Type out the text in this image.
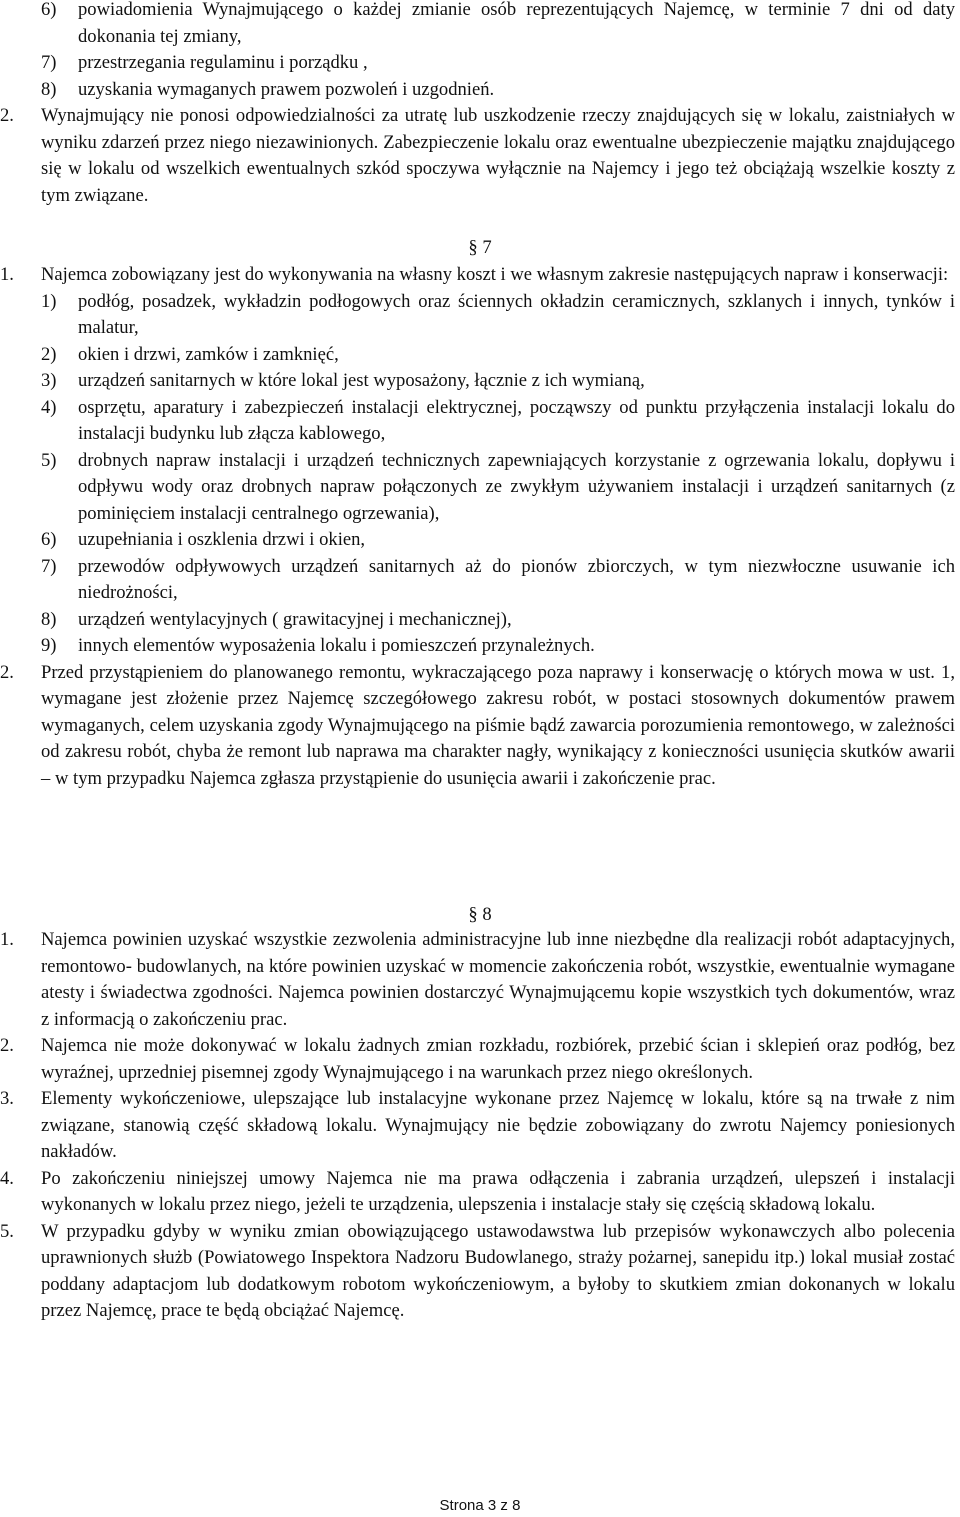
6) powiadomienia Wynajmującego o każdej zmianie osób reprezentujących Najemcę, w terminie 7 dni od daty dokonania tej zmiany,
7) przestrzegania regulaminu i porządku ,
8) uzyskania wymaganych prawem pozwoleń i uzgodnień.
2. Wynajmujący nie ponosi odpowiedzialności za utratę lub uszkodzenie rzeczy znajdujących się w lokalu, zaistniałych w wyniku zdarzeń przez niego niezawinionych. Zabezpieczenie lokalu oraz ewentualne ubezpieczenie majątku znajdującego się w lokalu od wszelkich ewentualnych szkód spoczywa wyłącznie na Najemcy i jego też obciążają wszelkie koszty z tym związane.
§ 7
1. Najemca zobowiązany jest do wykonywania na własny koszt i we własnym zakresie następujących napraw i konserwacji:
1) podłóg, posadzek, wykładzin podłogowych oraz ściennych okładzin ceramicznych, szklanych i innych, tynków i malatur,
2) okien i drzwi, zamków i zamknięć,
3) urządzeń sanitarnych w które lokal jest wyposażony, łącznie z ich wymianą,
4) osprzętu, aparatury i zabezpieczeń instalacji elektrycznej, począwszy od punktu przyłączenia instalacji lokalu do instalacji budynku lub złącza kablowego,
5) drobnych napraw instalacji i urządzeń technicznych zapewniających korzystanie z ogrzewania lokalu, dopływu i odpływu wody oraz drobnych napraw połączonych ze zwykłym używaniem instalacji i urządzeń sanitarnych (z pominięciem instalacji centralnego ogrzewania),
6) uzupełniania i oszklenia drzwi i okien,
7) przewodów odpływowych urządzeń sanitarnych aż do pionów zbiorczych, w tym niezwłoczne usuwanie ich niedrożności,
8) urządzeń wentylacyjnych ( grawitacyjnej i mechanicznej),
9) innych elementów wyposażenia lokalu i pomieszczeń przynależnych.
2. Przed przystąpieniem do planowanego remontu, wykraczającego poza naprawy i konserwację o których mowa w ust. 1, wymagane jest złożenie przez Najemcę szczegółowego zakresu robót, w postaci stosownych dokumentów prawem wymaganych, celem uzyskania zgody Wynajmującego na piśmie bądź zawarcia porozumienia remontowego, w zależności od zakresu robót, chyba że remont lub naprawa ma charakter nagły, wynikający z konieczności usunięcia skutków awarii – w tym przypadku Najemca zgłasza przystąpienie do usunięcia awarii i zakończenie prac.
§ 8
1. Najemca powinien uzyskać wszystkie zezwolenia administracyjne lub inne niezbędne dla realizacji robót adaptacyjnych, remontowo- budowlanych, na które powinien uzyskać w momencie zakończenia robót, wszystkie, ewentualnie wymagane atesty i świadectwa zgodności. Najemca powinien dostarczyć Wynajmującemu kopie wszystkich tych dokumentów, wraz z informacją o zakończeniu prac.
2. Najemca nie może dokonywać w lokalu żadnych zmian rozkładu, rozbiórek, przebić ścian i sklepień oraz podłóg, bez wyraźnej, uprzedniej pisemnej zgody Wynajmującego i na warunkach przez niego określonych.
3. Elementy wykończeniowe, ulepszające lub instalacyjne wykonane przez Najemcę w lokalu, które są na trwałe z nim związane, stanowią część składową lokalu. Wynajmujący nie będzie zobowiązany do zwrotu Najemcy poniesionych nakładów.
4. Po zakończeniu niniejszej umowy Najemca nie ma prawa odłączenia i zabrania urządzeń, ulepszeń i instalacji wykonanych w lokalu przez niego, jeżeli te urządzenia, ulepszenia i instalacje stały się częścią składową lokalu.
5. W przypadku gdyby w wyniku zmian obowiązującego ustawodawstwa lub przepisów wykonawczych albo polecenia uprawnionych służb (Powiatowego Inspektora Nadzoru Budowlanego, straży pożarnej, sanepidu itp.) lokal musiał zostać poddany adaptacjom lub dodatkowym robotom wykończeniowym, a byłoby to skutkiem zmian dokonanych w lokalu przez Najemcę, prace te będą obciążać Najemcę.
Strona 3 z 8
